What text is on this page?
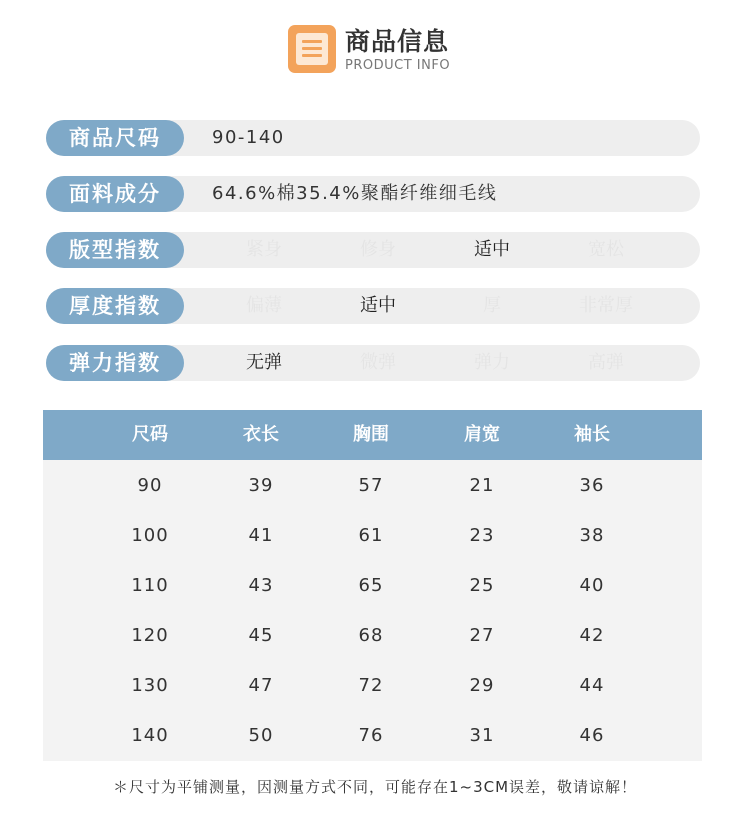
商品信息
PRODUCT INFO
商品尺码	90-140
面料成分	64.6%棉35.4%聚酯纤维细毛线
版型指数	紧身	修身	适中	宽松
厚度指数	偏薄	适中	厚	非常厚
弹力指数	无弹	微弹	弹力	高弹
尺码	衣长	胸围	肩宽	袖长
90	39	57	21	36
100	41	61	23	38
110	43	65	25	40
120	45	68	27	42
130	47	72	29	44
140	50	76	31	46
＊尺寸为平铺测量，因测量方式不同，可能存在1~3CM误差，敬请谅解！
